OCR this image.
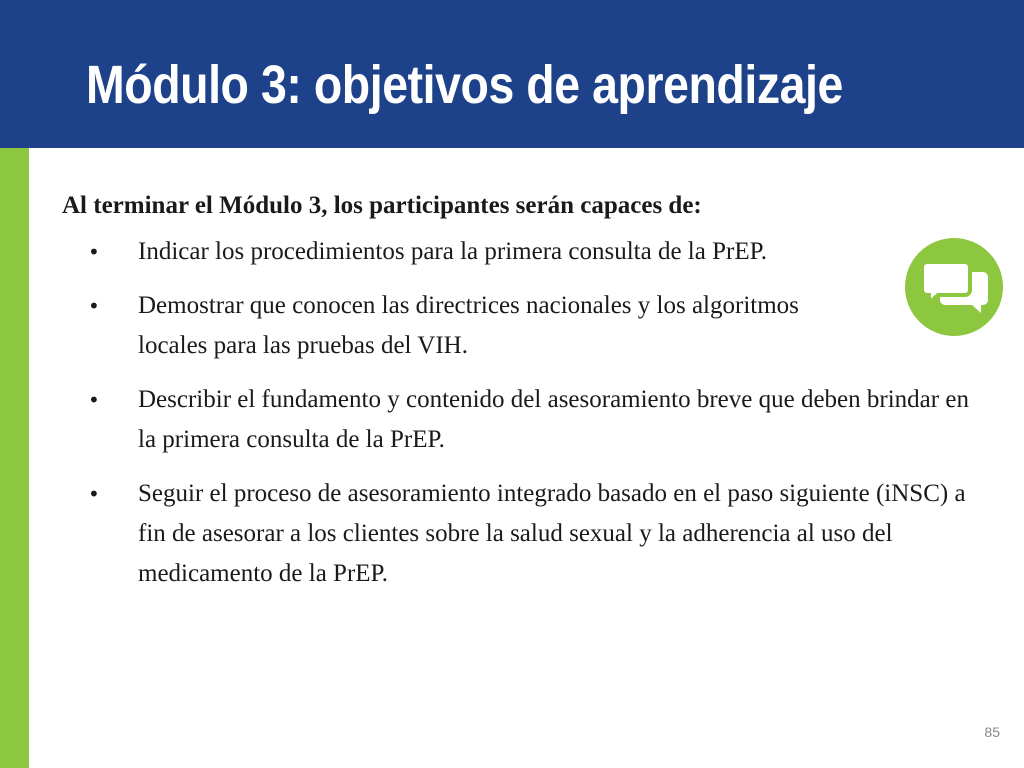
Módulo 3: objetivos de aprendizaje

Al terminar el Módulo 3, los participantes serán capaces de:

• Indicar los procedimientos para la primera consulta de la PrEP.
• Demostrar que conocen las directrices nacionales y los algoritmos locales para las pruebas del VIH.
• Describir el fundamento y contenido del asesoramiento breve que deben brindar en la primera consulta de la PrEP.
• Seguir el proceso de asesoramiento integrado basado en el paso siguiente (iNSC) a fin de asesorar a los clientes sobre la salud sexual y la adherencia al uso del medicamento de la PrEP.
85
